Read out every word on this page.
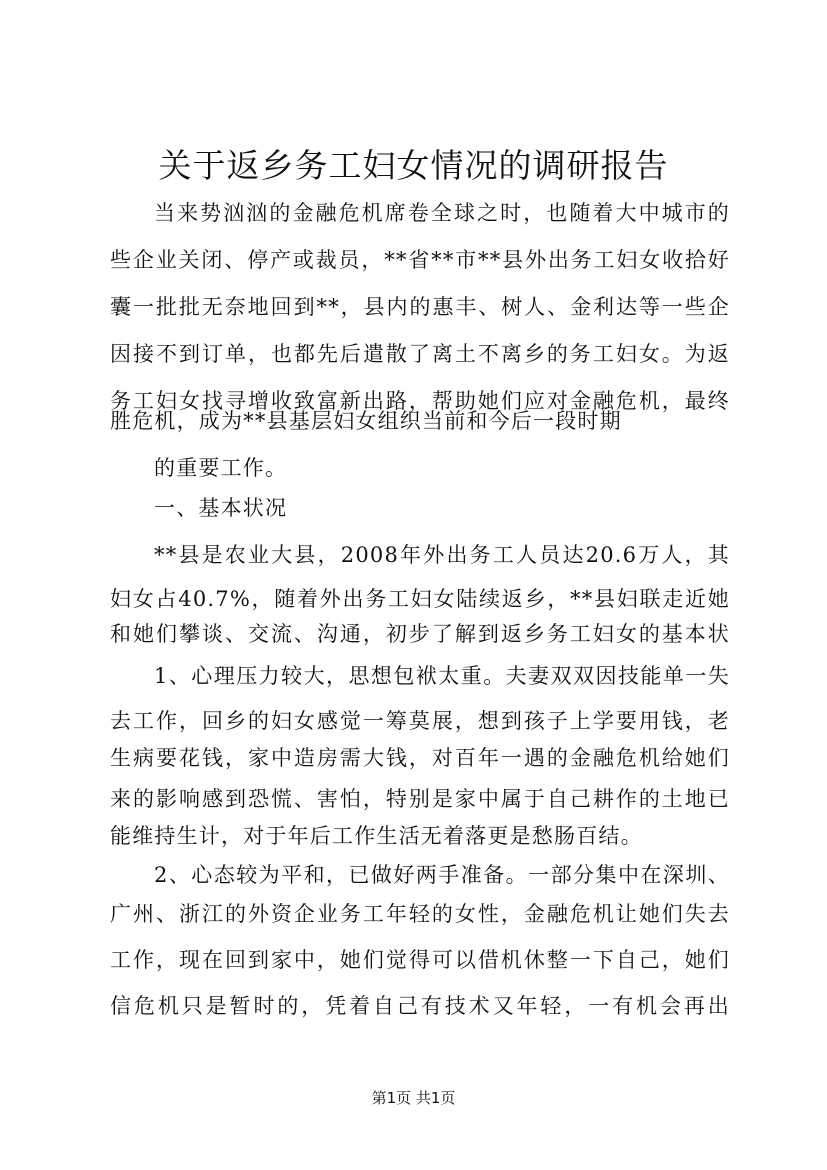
关于返乡务工妇女情况的调研报告
当来势汹汹的金融危机席卷全球之时，也随着大中城市的
些企业关闭、停产或裁员，**省**市**县外出务工妇女收拾好
囊一批批无奈地回到**，县内的惠丰、树人、金利达等一些企
因接不到订单，也都先后遣散了离土不离乡的务工妇女。为返
务工妇女找寻增收致富新出路，帮助她们应对金融危机，最终
胜危机，成为**县基层妇女组织当前和今后一段时期
的重要工作。
一、基本状况
**县是农业大县，2008年外出务工人员达20.6万人，其
妇女占40.7%，随着外出务工妇女陆续返乡，**县妇联走近她
和她们攀谈、交流、沟通，初步了解到返乡务工妇女的基本状
1、心理压力较大，思想包袱太重。夫妻双双因技能单一失
去工作，回乡的妇女感觉一筹莫展，想到孩子上学要用钱，老
生病要花钱，家中造房需大钱，对百年一遇的金融危机给她们
来的影响感到恐慌、害怕，特别是家中属于自己耕作的土地已
能维持生计，对于年后工作生活无着落更是愁肠百结。
2、心态较为平和，已做好两手准备。一部分集中在深圳、
广州、浙江的外资企业务工年轻的女性，金融危机让她们失去
工作，现在回到家中，她们觉得可以借机休整一下自己，她们
信危机只是暂时的，凭着自己有技术又年轻，一有机会再出
第1页 共1页
